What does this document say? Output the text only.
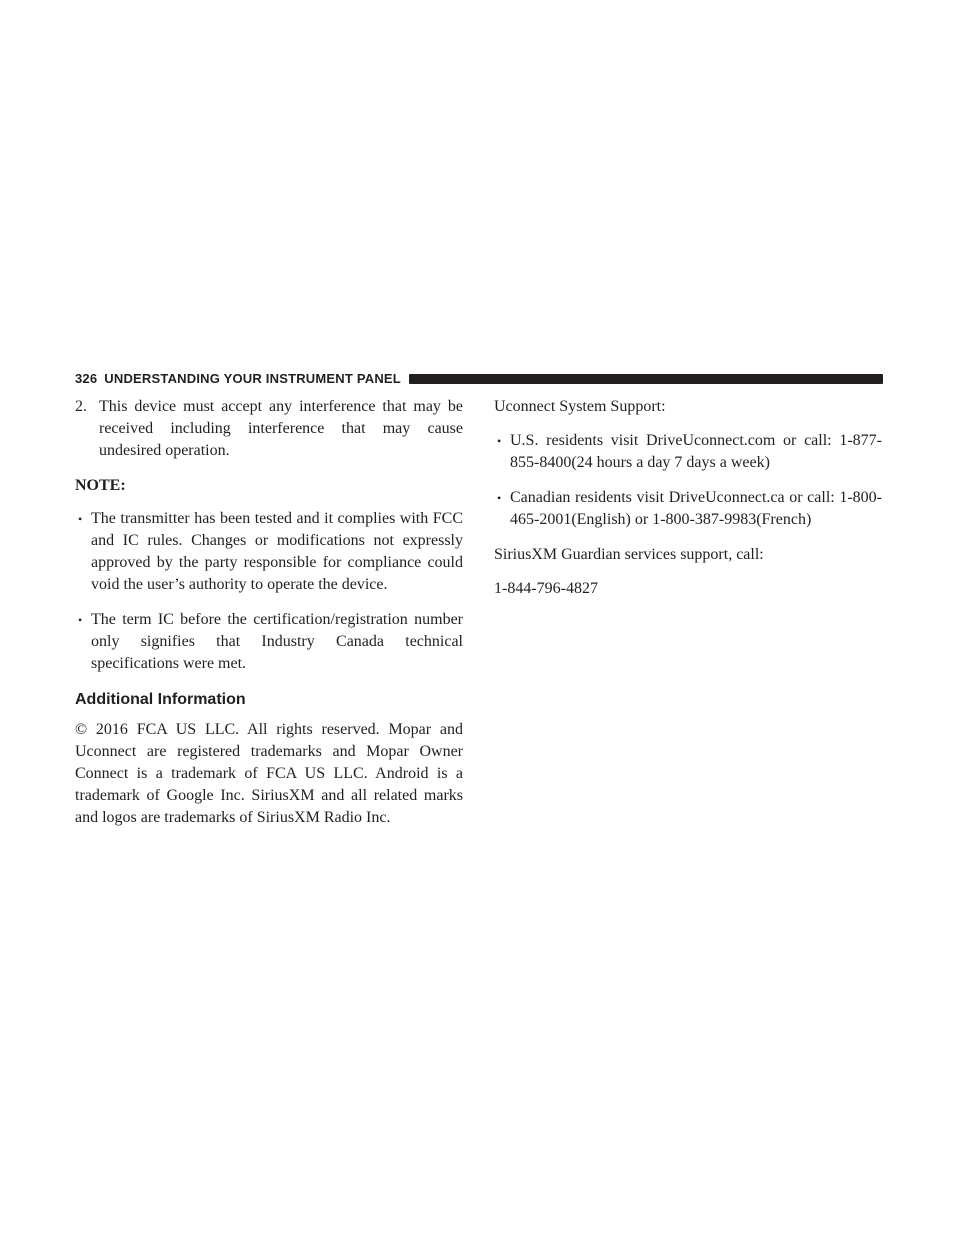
326 UNDERSTANDING YOUR INSTRUMENT PANEL
2. This device must accept any interference that may be received including interference that may cause undesired operation.
NOTE:
• The transmitter has been tested and it complies with FCC and IC rules. Changes or modifications not expressly approved by the party responsible for compliance could void the user’s authority to operate the device.
• The term IC before the certification/registration number only signifies that Industry Canada technical specifications were met.
Additional Information

© 2016 FCA US LLC. All rights reserved. Mopar and Uconnect are registered trademarks and Mopar Owner Connect is a trademark of FCA US LLC. Android is a trademark of Google Inc. SiriusXM and all related marks and logos are trademarks of SiriusXM Radio Inc.

Uconnect System Support:
• U.S. residents visit DriveUconnect.com or call: 1-877-855-8400(24 hours a day 7 days a week)
• Canadian residents visit DriveUconnect.ca or call: 1-800-465-2001(English) or 1-800-387-9983(French)
SiriusXM Guardian services support, call:
1-844-796-4827
